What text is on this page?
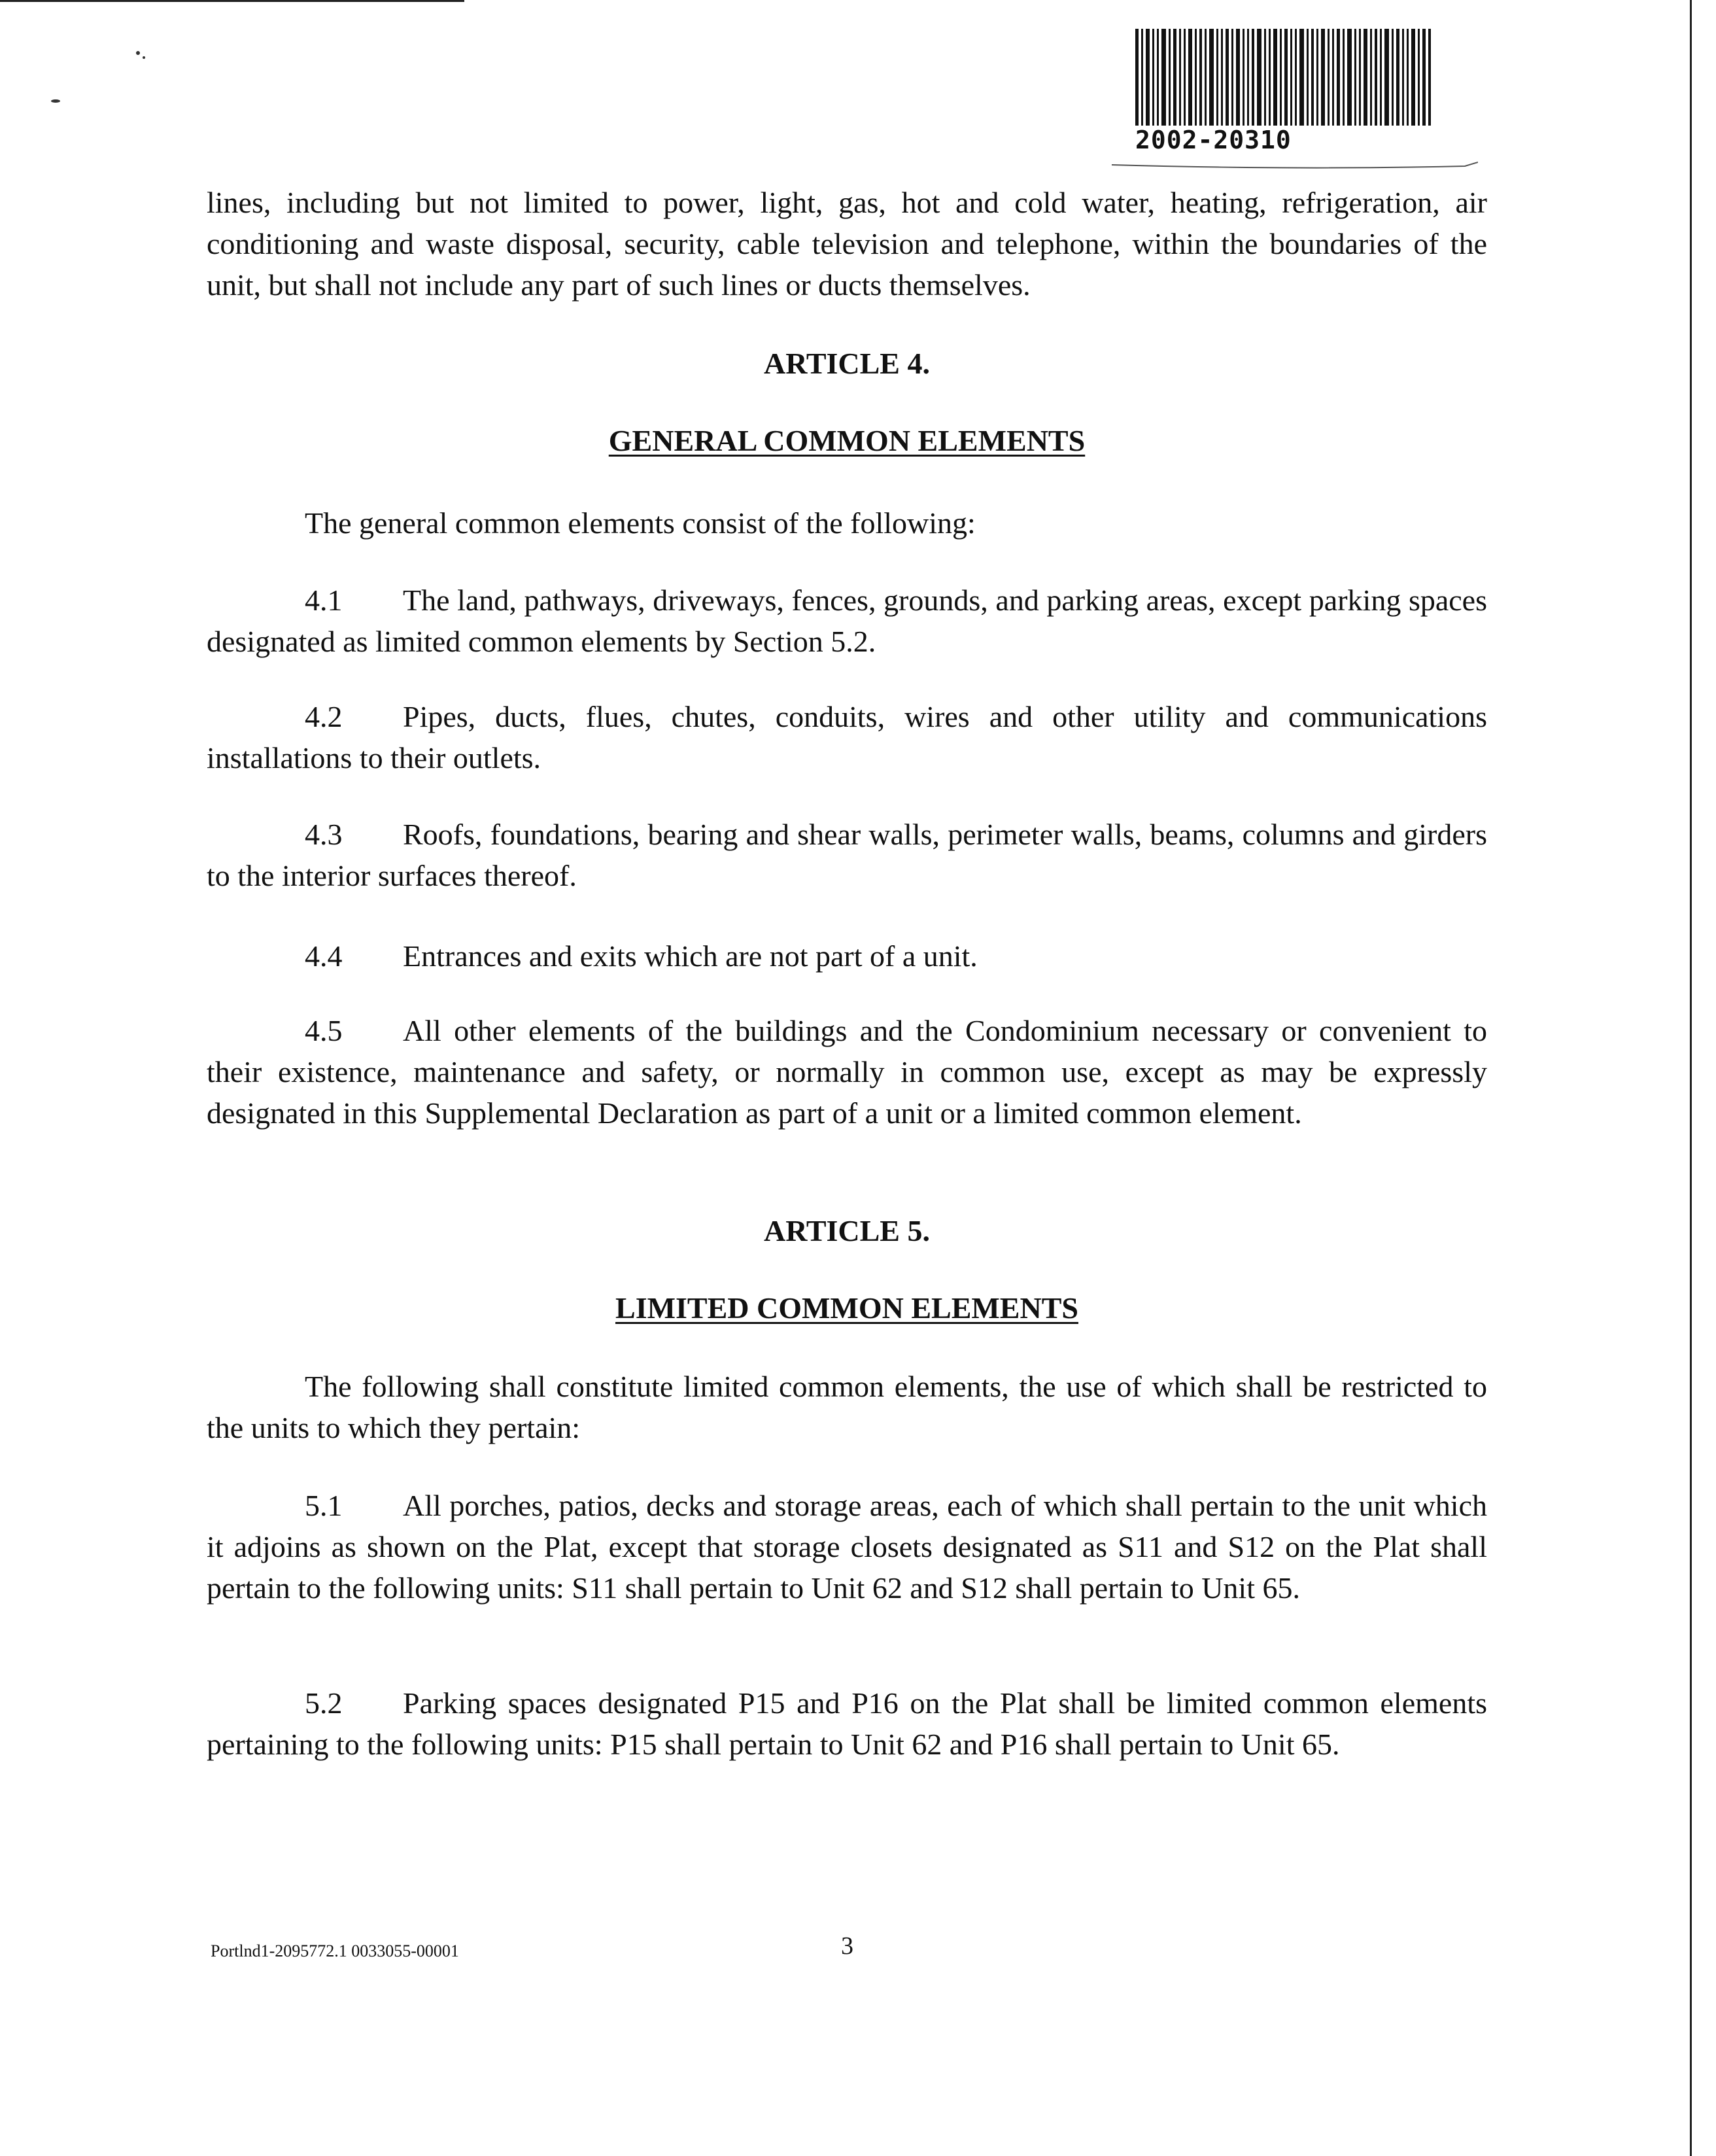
2002-20310
lines, including but not limited to power, light, gas, hot and cold water, heating, refrigeration, air conditioning and waste disposal, security, cable television and telephone, within the boundaries of the unit, but shall not include any part of such lines or ducts themselves.
ARTICLE 4.
GENERAL COMMON ELEMENTS
The general common elements consist of the following:
4.1 The land, pathways, driveways, fences, grounds, and parking areas, except parking spaces designated as limited common elements by Section 5.2.
4.2 Pipes, ducts, flues, chutes, conduits, wires and other utility and communications installations to their outlets.
4.3 Roofs, foundations, bearing and shear walls, perimeter walls, beams, columns and girders to the interior surfaces thereof.
4.4 Entrances and exits which are not part of a unit.
4.5 All other elements of the buildings and the Condominium necessary or convenient to their existence, maintenance and safety, or normally in common use, except as may be expressly designated in this Supplemental Declaration as part of a unit or a limited common element.
ARTICLE 5.
LIMITED COMMON ELEMENTS
The following shall constitute limited common elements, the use of which shall be restricted to the units to which they pertain:
5.1 All porches, patios, decks and storage areas, each of which shall pertain to the unit which it adjoins as shown on the Plat, except that storage closets designated as S11 and S12 on the Plat shall pertain to the following units: S11 shall pertain to Unit 62 and S12 shall pertain to Unit 65.
5.2 Parking spaces designated P15 and P16 on the Plat shall be limited common elements pertaining to the following units: P15 shall pertain to Unit 62 and P16 shall pertain to Unit 65.
Portlnd1-2095772.1 0033055-00001	3
